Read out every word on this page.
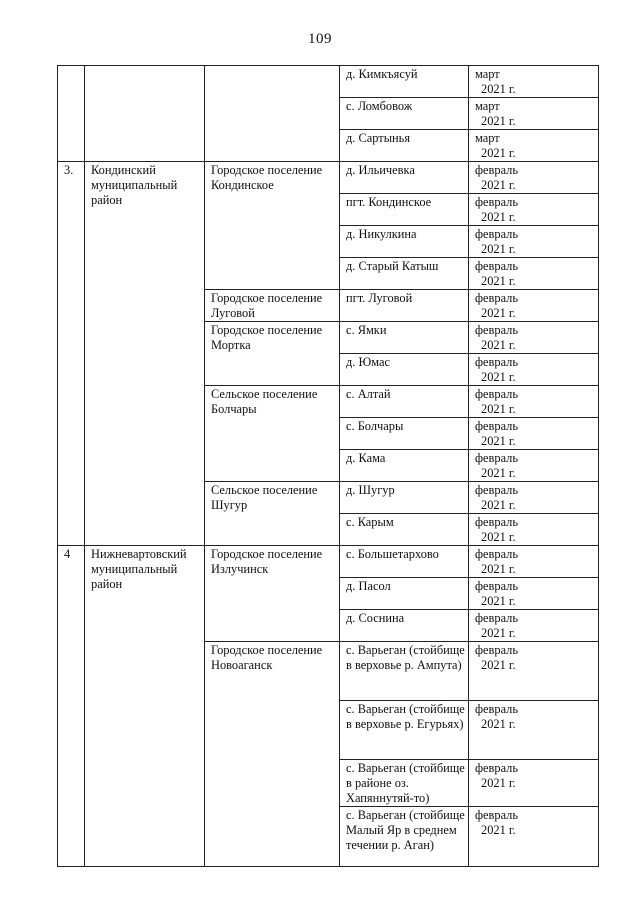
109
			д. Кимкъясуй	март
2021 г.

			с. Ломбовож	март
2021 г.

			д. Сартынья	март
2021 г.

3.	Кондинский муниципальный район	Городское поселение Кондинское	д. Ильичевка	февраль
2021 г.

			пгт. Кондинское	февраль
2021 г.

			д. Никулкина	февраль
2021 г.

			д. Старый Катыш	февраль
2021 г.

		Городское поселение Луговой	пгт. Луговой	февраль
2021 г.

		Городское поселение Мортка	с. Ямки	февраль
2021 г.

			д. Юмас	февраль
2021 г.

		Сельское поселение Болчары	с. Алтай	февраль
2021 г.

			с. Болчары	февраль
2021 г.

			д. Кама	февраль
2021 г.

		Сельское поселение Шугур	д. Шугур	февраль
2021 г.

			с. Карым	февраль
2021 г.

4	Нижневартовский муниципальный район	Городское поселение Излучинск	с. Большетархово	февраль
2021 г.

			д. Пасол	февраль
2021 г.

			д. Соснина	февраль
2021 г.

		Городское поселение Новоаганск	с. Варьеган (стойбище в верховье р. Ампута)	февраль
2021 г.

			с. Варьеган (стойбище в верховье р. Егурьях)	февраль
2021 г.

			с. Варьеган (стойбище в районе оз. Хапяннутяй-то)	февраль
2021 г.

			с. Варьеган (стойбище Малый Яр в среднем течении р. Аган)	февраль
2021 г.
